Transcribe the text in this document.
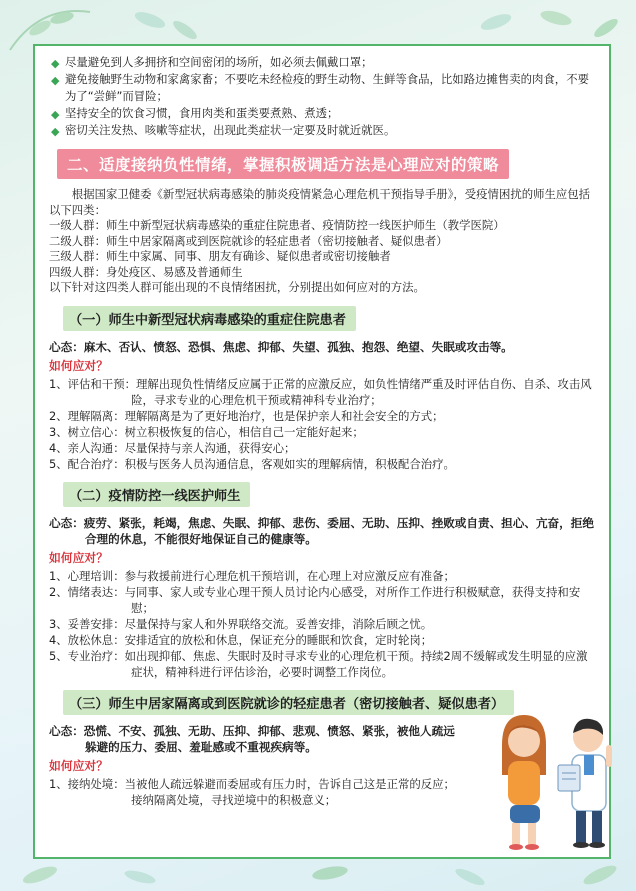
◆ 尽量避免到人多拥挤和空间密闭的场所，如必须去佩戴口罩；
◆ 避免接触野生动物和家禽家畜；不要吃未经检疫的野生动物、生鲜等食品，比如路边摊售卖的肉食，不要为了“尝鲜”而冒险；
◆ 坚持安全的饮食习惯，食用肉类和蛋类要煮熟、煮透；
◆ 密切关注发热、咳嗽等症状，出现此类症状一定要及时就近就医。
二、适度接纳负性情绪，掌握积极调适方法是心理应对的策略

根据国家卫健委《新型冠状病毒感染的肺炎疫情紧急心理危机干预指导手册》，受疫情困扰的师生应包括以下四类：

一级人群：师生中新型冠状病毒感染的重症住院患者、疫情防控一线医护师生（教学医院）

二级人群：师生中居家隔离或到医院就诊的轻症患者（密切接触者、疑似患者）

三级人群：师生中家属、同事、朋友有确诊、疑似患者或密切接触者

四级人群：身处疫区、易感及普通师生

以下针对这四类人群可能出现的不良情绪困扰，分别提出如何应对的方法。

（一）师生中新型冠状病毒感染的重症住院患者

心态：麻木、否认、愤怒、恐惧、焦虑、抑郁、失望、孤独、抱怨、绝望、失眠或攻击等。

如何应对？

1、评估和干预：理解出现负性情绪反应属于正常的应激反应，如负性情绪严重及时评估自伤、自杀、攻击风险，寻求专业的心理危机干预或精神科专业治疗；
2、理解隔离：理解隔离是为了更好地治疗，也是保护亲人和社会安全的方式；
3、树立信心：树立积极恢复的信心，相信自己一定能好起来；
4、亲人沟通：尽量保持与亲人沟通，获得安心；
5、配合治疗：积极与医务人员沟通信息，客观如实的理解病情，积极配合治疗。
（二）疫情防控一线医护师生

心态：疲劳、紧张，耗竭，焦虑、失眠、抑郁、悲伤、委屈、无助、压抑、挫败或自责、担心、亢奋，拒绝合理的休息，不能很好地保证自己的健康等。

如何应对？

1、心理培训：参与救援前进行心理危机干预培训，在心理上对应激反应有准备；
2、情绪表达：与同事、家人或专业心理干预人员讨论内心感受，对所作工作进行积极赋意，获得支持和安慰；
3、妥善安排：尽量保持与家人和外界联络交流。妥善安排，消除后顾之忧。
4、放松休息：安排适宜的放松和休息，保证充分的睡眠和饮食，定时轮岗；
5、专业治疗：如出现抑郁、焦虑、失眠时及时寻求专业的心理危机干预。持续2周不缓解或发生明显的应激症状，精神科进行评估诊治，必要时调整工作岗位。
（三）师生中居家隔离或到医院就诊的轻症患者（密切接触者、疑似患者）

心态：恐慌、不安、孤独、无助、压抑、抑郁、悲观、愤怒、紧张，被他人疏远躲避的压力、委屈、羞耻感或不重视疾病等。

如何应对？

1、接纳处境：当被他人疏远躲避而委屈或有压力时，告诉自己这是正常的反应；接纳隔离处境，寻找逆境中的积极意义；
